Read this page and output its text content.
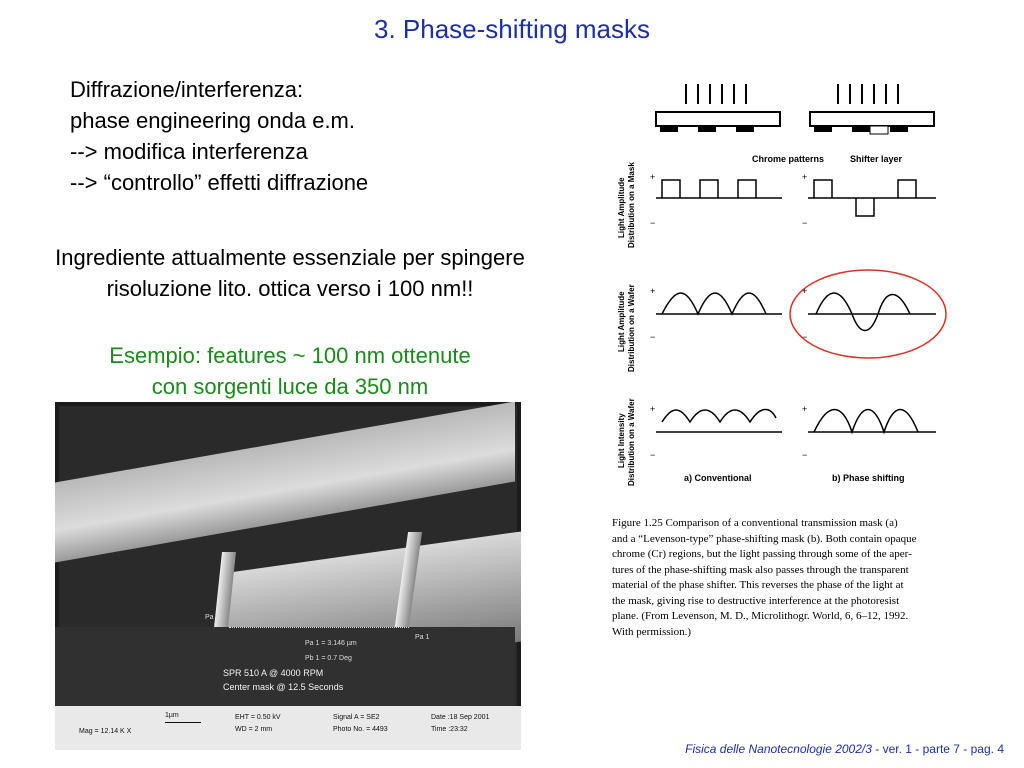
3. Phase-shifting masks
Diffrazione/interferenza:
phase engineering onda e.m.
--> modifica interferenza
--> “controllo” effetti diffrazione
Ingrediente attualmente essenziale per spingere
risoluzione lito. ottica verso i 100 nm!!
Esempio: features ~ 100 nm ottenute
con sorgenti luce da 350 nm
Pa R
Pa 1
Pa 1 = 3.146 µm
Pb 1 = 0.7 Deg
SPR 510 A @ 4000 RPM
Center mask @ 12.5 Seconds
1µm
Mag = 12.14 K X
EHT = 0.50 kV
WD = 2 mm
Signal A = SE2
Photo No. = 4493
Date :18 Sep 2001
Time :23:32
Chrome patterns	Shifter layer
Light Amplitude Distribution on a Mask
Light Amplitude Distribution on a Wafer
Light Intensity Distribution on a Wafer
+
−
+
−
+
−
+
−
+
−
+
−
a) Conventional	b) Phase shifting
Figure 1.25 Comparison of a conventional transmission mask (a)
and a “Levenson-type” phase-shifting mask (b). Both contain opaque
chrome (Cr) regions, but the light passing through some of the aper-
tures of the phase-shifting mask also passes through the transparent
material of the phase shifter. This reverses the phase of the light at
the mask, giving rise to destructive interference at the photoresist
plane. (From Levenson, M. D., Microlithogr. World, 6, 6–12, 1992.
With permission.)
Fisica delle Nanotecnologie 2002/3 - ver. 1 - parte 7 - pag. 4
